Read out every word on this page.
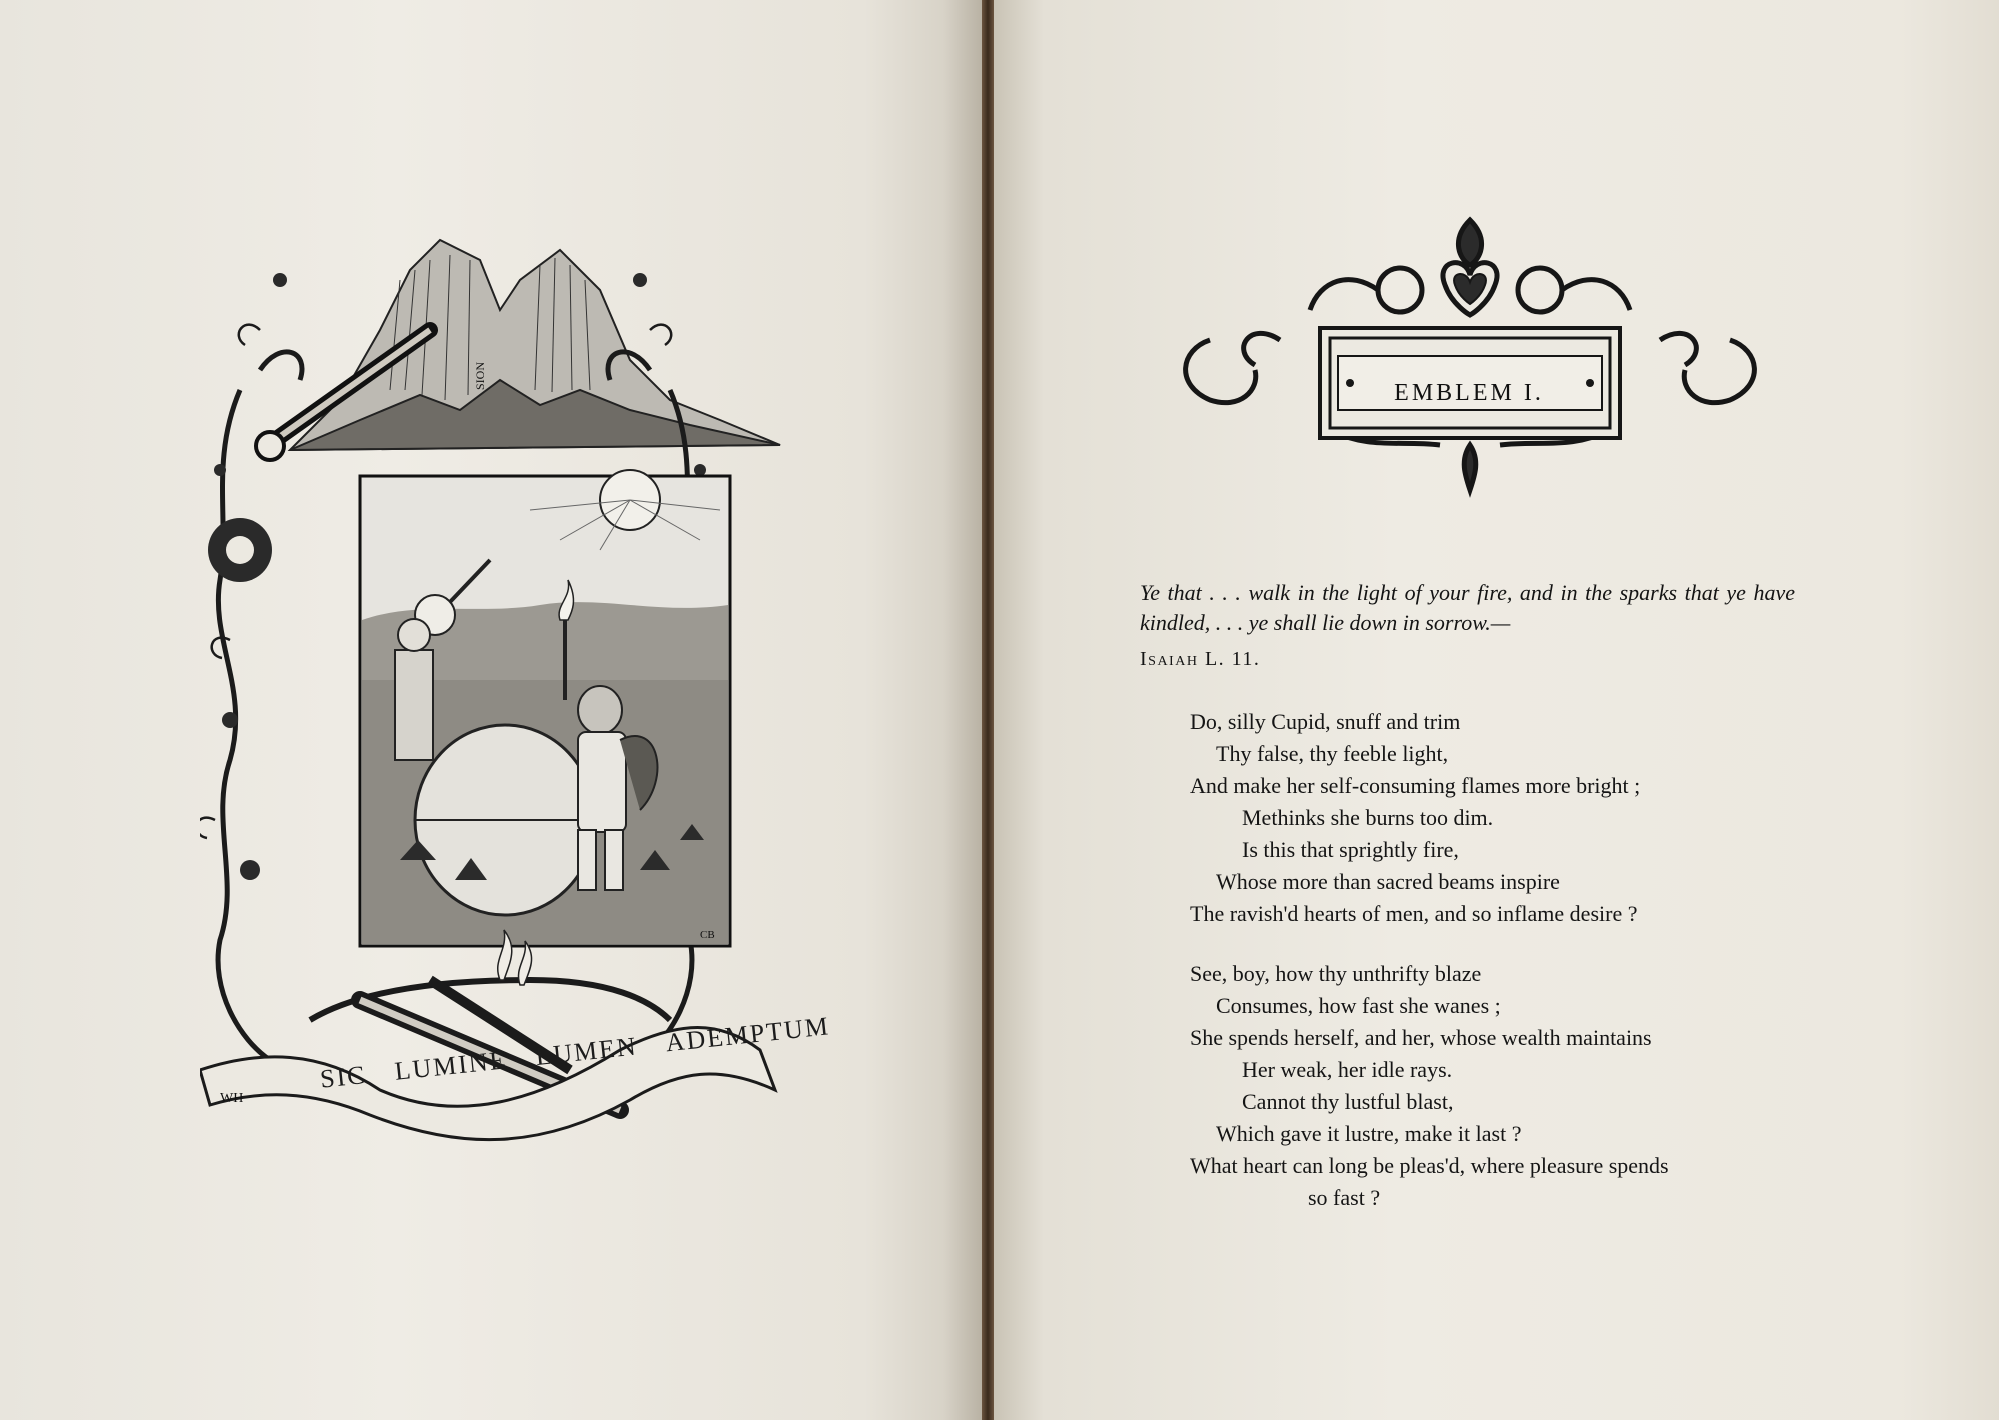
SION
CB
WH
SIC LUMINE LUMEN ADEMPTUM
EMBLEM I.
Ye that . . . walk in the light of your fire, and in the sparks that ye have kindled, . . . ye shall lie down in sorrow.—
Isaiah L. 11.
Do, silly Cupid, snuff and trim
Thy false, thy feeble light,
And make her self-consuming flames more bright ;
Methinks she burns too dim.
Is this that sprightly fire,
Whose more than sacred beams inspire
The ravish'd hearts of men, and so inflame desire ?
See, boy, how thy unthrifty blaze
Consumes, how fast she wanes ;
She spends herself, and her, whose wealth maintains
Her weak, her idle rays.
Cannot thy lustful blast,
Which gave it lustre, make it last ?
What heart can long be pleas'd, where pleasure spends
so fast ?
